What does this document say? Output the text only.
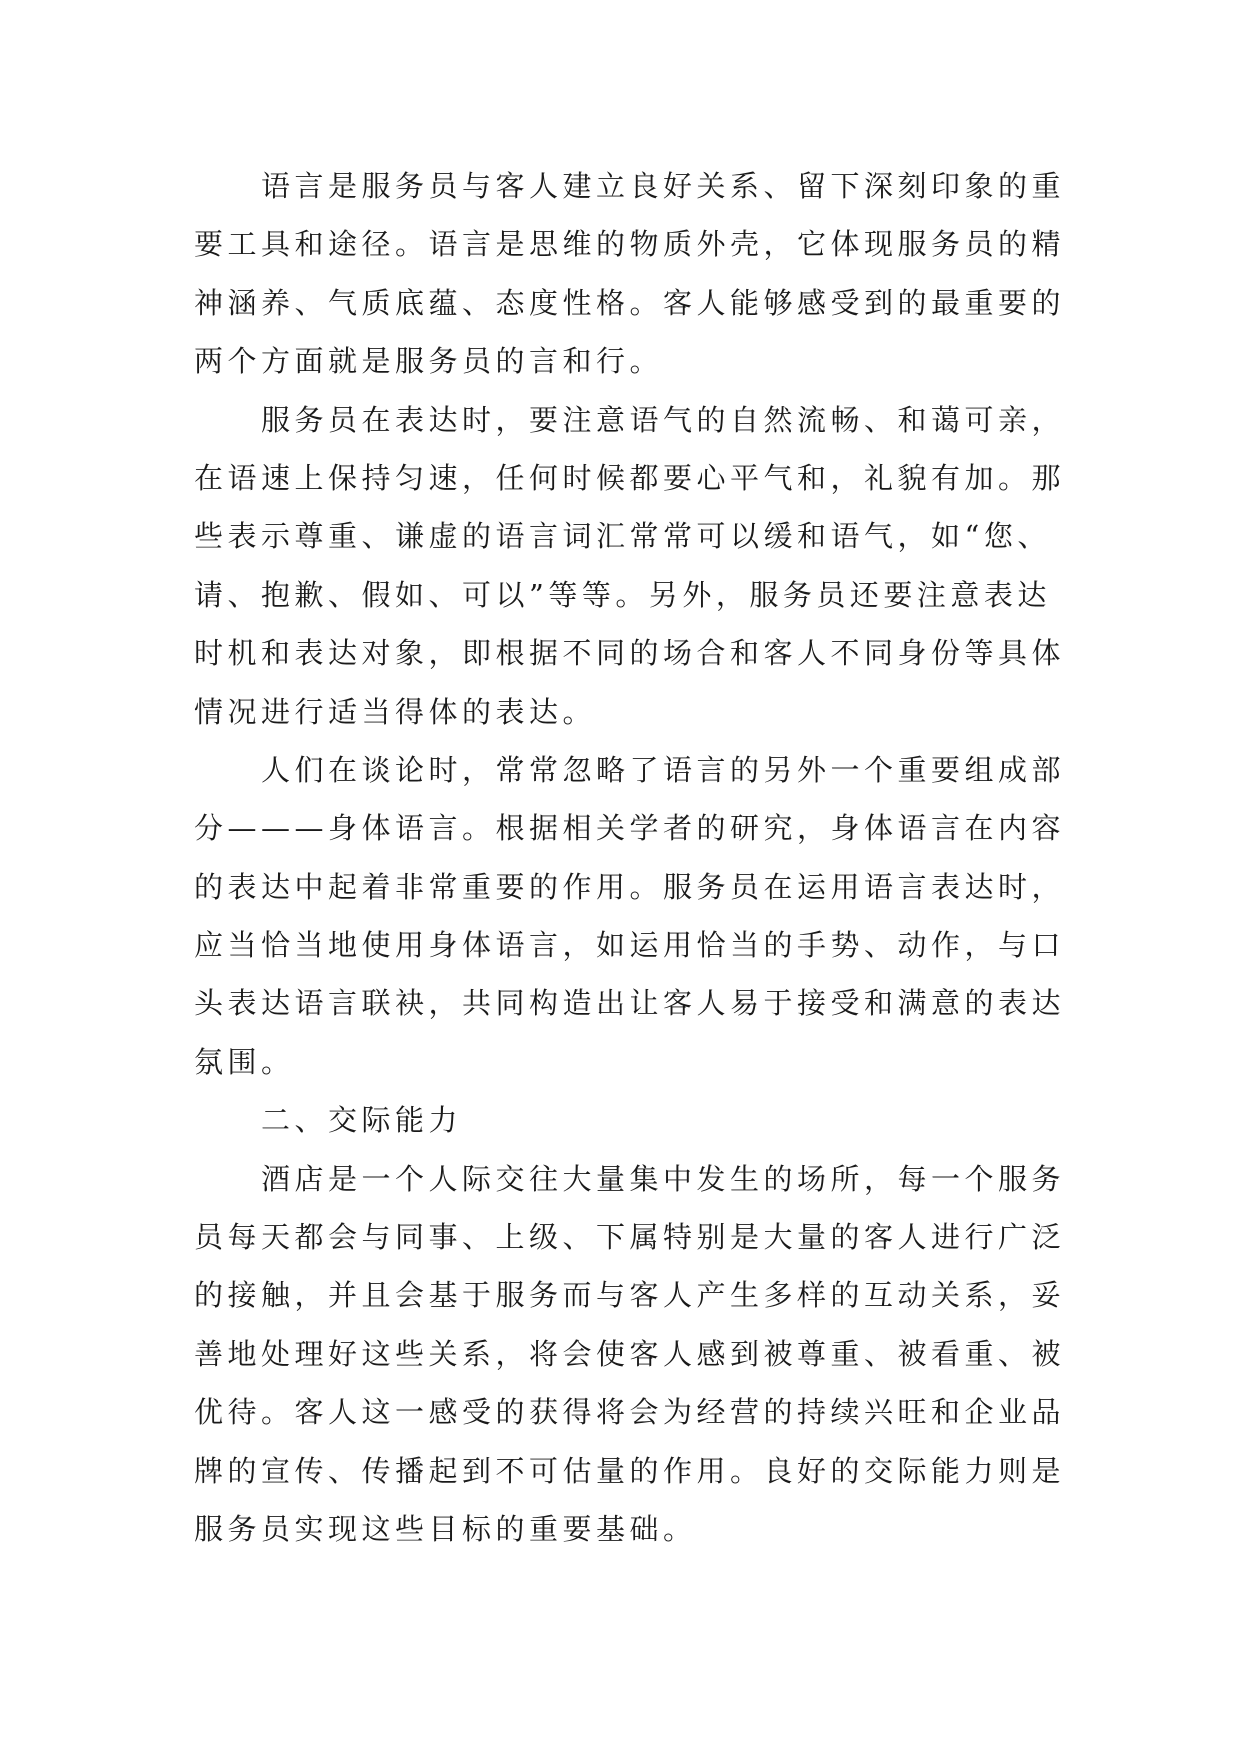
语言是服务员与客人建立良好关系、留下深刻印象的重
要工具和途径。语言是思维的物质外壳，它体现服务员的精
神涵养、气质底蕴、态度性格。客人能够感受到的最重要的
两个方面就是服务员的言和行。
服务员在表达时，要注意语气的自然流畅、和蔼可亲，
在语速上保持匀速，任何时候都要心平气和，礼貌有加。那
些表示尊重、谦虚的语言词汇常常可以缓和语气，如“您、
请、抱歉、假如、可以”等等。另外，服务员还要注意表达
时机和表达对象，即根据不同的场合和客人不同身份等具体
情况进行适当得体的表达。
人们在谈论时，常常忽略了语言的另外一个重要组成部
分———身体语言。根据相关学者的研究，身体语言在内容
的表达中起着非常重要的作用。服务员在运用语言表达时，
应当恰当地使用身体语言，如运用恰当的手势、动作，与口
头表达语言联袂，共同构造出让客人易于接受和满意的表达
氛围。
二、交际能力
酒店是一个人际交往大量集中发生的场所，每一个服务
员每天都会与同事、上级、下属特别是大量的客人进行广泛
的接触，并且会基于服务而与客人产生多样的互动关系，妥
善地处理好这些关系，将会使客人感到被尊重、被看重、被
优待。客人这一感受的获得将会为经营的持续兴旺和企业品
牌的宣传、传播起到不可估量的作用。良好的交际能力则是
服务员实现这些目标的重要基础。
